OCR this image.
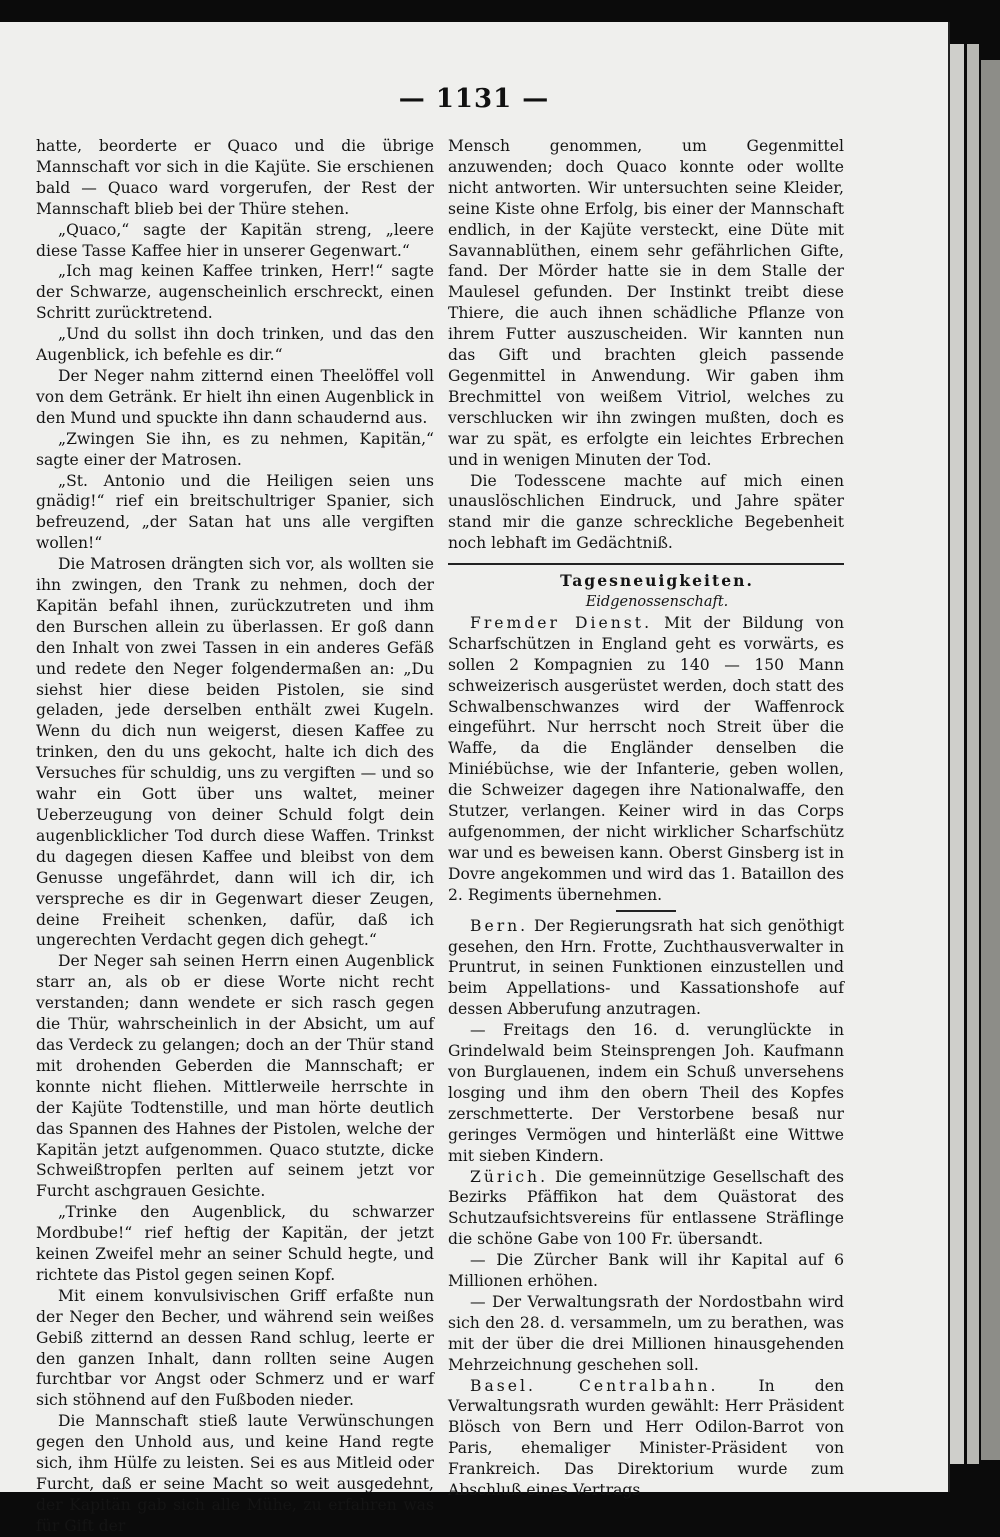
— 1131 —

hatte, beorderte er Quaco und die übrige Mannschaft vor sich in die Kajüte. Sie erschienen bald — Quaco ward vorgerufen, der Rest der Mannschaft blieb bei der Thüre stehen.

„Quaco,“ sagte der Kapitän streng, „leere diese Tasse Kaffee hier in unserer Gegenwart.“

„Ich mag keinen Kaffee trinken, Herr!“ sagte der Schwarze, augenscheinlich erschreckt, einen Schritt zurücktretend.

„Und du sollst ihn doch trinken, und das den Augenblick, ich befehle es dir.“

Der Neger nahm zitternd einen Theelöffel voll von dem Getränk. Er hielt ihn einen Augenblick in den Mund und spuckte ihn dann schaudernd aus.

„Zwingen Sie ihn, es zu nehmen, Kapitän,“ sagte einer der Matrosen.

„St. Antonio und die Heiligen seien uns gnädig!“ rief ein breitschultriger Spanier, sich befreuzend, „der Satan hat uns alle vergiften wollen!“

Die Matrosen drängten sich vor, als wollten sie ihn zwingen, den Trank zu nehmen, doch der Kapitän befahl ihnen, zurückzutreten und ihm den Burschen allein zu überlassen. Er goß dann den Inhalt von zwei Tassen in ein anderes Gefäß und redete den Neger folgendermaßen an: „Du siehst hier diese beiden Pistolen, sie sind geladen, jede derselben enthält zwei Kugeln. Wenn du dich nun weigerst, diesen Kaffee zu trinken, den du uns gekocht, halte ich dich des Versuches für schuldig, uns zu vergiften — und so wahr ein Gott über uns waltet, meiner Ueberzeugung von deiner Schuld folgt dein augenblicklicher Tod durch diese Waffen. Trinkst du dagegen diesen Kaffee und bleibst von dem Genusse ungefährdet, dann will ich dir, ich verspreche es dir in Gegenwart dieser Zeugen, deine Freiheit schenken, dafür, daß ich ungerechten Verdacht gegen dich gehegt.“

Der Neger sah seinen Herrn einen Augenblick starr an, als ob er diese Worte nicht recht verstanden; dann wendete er sich rasch gegen die Thür, wahrscheinlich in der Absicht, um auf das Verdeck zu gelangen; doch an der Thür stand mit drohenden Geberden die Mannschaft; er konnte nicht fliehen. Mittlerweile herrschte in der Kajüte Todtenstille, und man hörte deutlich das Spannen des Hahnes der Pistolen, welche der Kapitän jetzt aufgenommen. Quaco stutzte, dicke Schweißtropfen perlten auf seinem jetzt vor Furcht aschgrauen Gesichte.

„Trinke den Augenblick, du schwarzer Mordbube!“ rief heftig der Kapitän, der jetzt keinen Zweifel mehr an seiner Schuld hegte, und richtete das Pistol gegen seinen Kopf.

Mit einem konvulsivischen Griff erfaßte nun der Neger den Becher, und während sein weißes Gebiß zitternd an dessen Rand schlug, leerte er den ganzen Inhalt, dann rollten seine Augen furchtbar vor Angst oder Schmerz und er warf sich stöhnend auf den Fußboden nieder.

Die Mannschaft stieß laute Verwünschungen gegen den Unhold aus, und keine Hand regte sich, ihm Hülfe zu leisten. Sei es aus Mitleid oder Furcht, daß er seine Macht so weit ausgedehnt, der Kapitän gab sich alle Mühe, zu erfahren was für Gift der

Mensch genommen, um Gegenmittel anzuwenden; doch Quaco konnte oder wollte nicht antworten. Wir untersuchten seine Kleider, seine Kiste ohne Erfolg, bis einer der Mannschaft endlich, in der Kajüte versteckt, eine Düte mit Savannablüthen, einem sehr gefährlichen Gifte, fand. Der Mörder hatte sie in dem Stalle der Maulesel gefunden. Der Instinkt treibt diese Thiere, die auch ihnen schädliche Pflanze von ihrem Futter auszuscheiden. Wir kannten nun das Gift und brachten gleich passende Gegenmittel in Anwendung. Wir gaben ihm Brechmittel von weißem Vitriol, welches zu verschlucken wir ihn zwingen mußten, doch es war zu spät, es erfolgte ein leichtes Erbrechen und in wenigen Minuten der Tod.

Die Todesscene machte auf mich einen unauslöschlichen Eindruck, und Jahre später stand mir die ganze schreckliche Begebenheit noch lebhaft im Gedächtniß.

Tagesneuigkeiten.

Eidgenossenschaft.

Fremder Dienst. Mit der Bildung von Scharfschützen in England geht es vorwärts, es sollen 2 Kompagnien zu 140 — 150 Mann schweizerisch ausgerüstet werden, doch statt des Schwalbenschwanzes wird der Waffenrock eingeführt. Nur herrscht noch Streit über die Waffe, da die Engländer denselben die Miniébüchse, wie der Infanterie, geben wollen, die Schweizer dagegen ihre Nationalwaffe, den Stutzer, verlangen. Keiner wird in das Corps aufgenommen, der nicht wirklicher Scharfschütz war und es beweisen kann. Oberst Ginsberg ist in Dovre angekommen und wird das 1. Bataillon des 2. Regiments übernehmen.

Bern. Der Regierungsrath hat sich genöthigt gesehen, den Hrn. Frotte, Zuchthausverwalter in Pruntrut, in seinen Funktionen einzustellen und beim Appellations- und Kassationshofe auf dessen Abberufung anzutragen.

— Freitags den 16. d. verunglückte in Grindelwald beim Steinsprengen Joh. Kaufmann von Burglauenen, indem ein Schuß unversehens losging und ihm den obern Theil des Kopfes zerschmetterte. Der Verstorbene besaß nur geringes Vermögen und hinterläßt eine Wittwe mit sieben Kindern.

Zürich. Die gemeinnützige Gesellschaft des Bezirks Pfäffikon hat dem Quästorat des Schutzaufsichtsvereins für entlassene Sträflinge die schöne Gabe von 100 Fr. übersandt.

— Die Zürcher Bank will ihr Kapital auf 6 Millionen erhöhen.

— Der Verwaltungsrath der Nordostbahn wird sich den 28. d. versammeln, um zu berathen, was mit der über die drei Millionen hinausgehenden Mehrzeichnung geschehen soll.

Basel. Centralbahn. In den Verwaltungsrath wurden gewählt: Herr Präsident Blösch von Bern und Herr Odilon-Barrot von Paris, ehemaliger Minister-Präsident von Frankreich. Das Direktorium wurde zum Abschluß eines Vertrags
